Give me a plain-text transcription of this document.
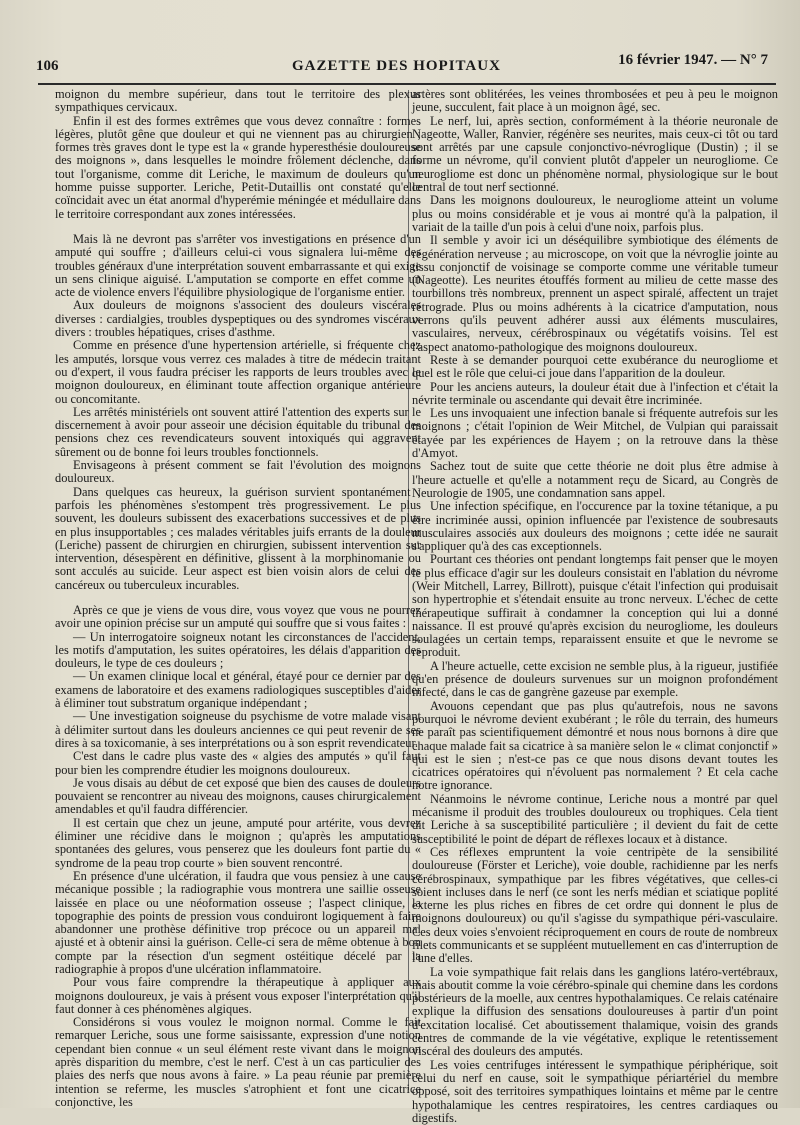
106	GAZETTE DES HOPITAUX	16 février 1947. — N° 7

moignon du membre supérieur, dans tout le territoire des plexus sympathiques cervicaux.

Enfin il est des formes extrêmes que vous devez connaître : formes légères, plutôt gêne que douleur et qui ne viennent pas au chirurgien ; formes très graves dont le type est la « grande hyperesthésie douloureuse des moignons », dans lesquelles le moindre frôlement déclenche, dans tout l'organisme, comme dit Leriche, le maximum de douleurs qu'un homme puisse supporter. Leriche, Petit-Dutaillis ont constaté qu'elle coïncidait avec un état anormal d'hyperémie méningée et médullaire dans le territoire correspondant aux zones intéressées.

Mais là ne devront pas s'arrêter vos investigations en présence d'un amputé qui souffre ; d'ailleurs celui-ci vous signalera lui-même des troubles généraux d'une interprétation souvent embarrassante et qui exige un sens clinique aiguisé. L'amputation se comporte en effet comme un acte de violence envers l'équilibre physiologique de l'organisme entier.

Aux douleurs de moignons s'associent des douleurs viscérales diverses : cardialgies, troubles dyspeptiques ou des syndromes viscéraux divers : troubles hépatiques, crises d'asthme.

Comme en présence d'une hypertension artérielle, si fréquente chez les amputés, lorsque vous verrez ces malades à titre de médecin traitant ou d'expert, il vous faudra préciser les rapports de leurs troubles avec le moignon douloureux, en éliminant toute affection organique antérieure ou concomitante.

Les arrêtés ministériels ont souvent attiré l'attention des experts sur le discernement à avoir pour asseoir une décision équitable du tribunal des pensions chez ces revendicateurs souvent intoxiqués qui aggravent sûrement ou de bonne foi leurs troubles fonctionnels.

Envisageons à présent comment se fait l'évolution des moignons douloureux.

Dans quelques cas heureux, la guérison survient spontanément ; parfois les phénomènes s'estompent très progressivement. Le plus souvent, les douleurs subissent des exacerbations successives et de plus en plus insupportables ; ces malades véritables juifs errants de la douleur (Leriche) passent de chirurgien en chirurgien, subissent intervention sur intervention, désespèrent en définitive, glissent à la morphinomanie ou sont acculés au suicide. Leur aspect est bien voisin alors de celui des cancéreux ou tuberculeux incurables.

Après ce que je viens de vous dire, vous voyez que vous ne pourrez avoir une opinion précise sur un amputé qui souffre que si vous faites :

— Un interrogatoire soigneux notant les circonstances de l'accident, les motifs d'amputation, les suites opératoires, les délais d'apparition des douleurs, le type de ces douleurs ;

— Un examen clinique local et général, étayé pour ce dernier par des examens de laboratoire et des examens radiologiques susceptibles d'aider à éliminer tout substratum organique indépendant ;

— Une investigation soigneuse du psychisme de votre malade visant à délimiter surtout dans les douleurs anciennes ce qui peut revenir de ses dires à sa toxicomanie, à ses interprétations ou à son esprit revendicateur.

C'est dans le cadre plus vaste des « algies des amputés » qu'il faut pour bien les comprendre étudier les moignons douloureux.

Je vous disais au début de cet exposé que bien des causes de douleurs pouvaient se rencontrer au niveau des moignons, causes chirurgicalement amendables et qu'il faudra différencier.

Il est certain que chez un jeune, amputé pour artérite, vous devrez éliminer une récidive dans le moignon ; qu'après les amputations spontanées des gelures, vous penserez que les douleurs font partie du « syndrome de la peau trop courte » bien souvent rencontré.

En présence d'une ulcération, il faudra que vous pensiez à une cause mécanique possible ; la radiographie vous montrera une saillie osseuse laissée en place ou une néoformation osseuse ; l'aspect clinique, la topographie des points de pression vous conduiront logiquement à faire abandonner une prothèse définitive trop précoce ou un appareil mal ajusté et à obtenir ainsi la guérison. Celle-ci sera de même obtenue à bon compte par la résection d'un segment ostéitique décelé par la radiographie à propos d'une ulcération inflammatoire.

Pour vous faire comprendre la thérapeutique à appliquer aux moignons douloureux, je vais à présent vous exposer l'interprétation qu'il faut donner à ces phénomènes algiques.

Considérons si vous voulez le moignon normal. Comme le fait remarquer Leriche, sous une forme saisissante, expression d'une notion cependant bien connue « un seul élément reste vivant dans le moignon après disparition du membre, c'est le nerf. C'est à un cas particulier des plaies des nerfs que nous avons à faire. » La peau réunie par première intention se referme, les muscles s'atrophient et font une cicatrice conjonctive, les

artères sont oblitérées, les veines thrombosées et peu à peu le moignon jeune, succulent, fait place à un moignon âgé, sec.

Le nerf, lui, après section, conformément à la théorie neuronale de Nageotte, Waller, Ranvier, régénère ses neurites, mais ceux-ci tôt ou tard sont arrêtés par une capsule conjonctivo-névroglique (Dustin) ; il se forme un névrome, qu'il convient plutôt d'appeler un neurogliome. Ce neurogliome est donc un phénomène normal, physiologique sur le bout central de tout nerf sectionné.

Dans les moignons douloureux, le neurogliome atteint un volume plus ou moins considérable et je vous ai montré qu'à la palpation, il variait de la taille d'un pois à celui d'une noix, parfois plus.

Il semble y avoir ici un déséquilibre symbiotique des éléments de régénération nerveuse ; au microscope, on voit que la névroglie jointe au tissu conjonctif de voisinage se comporte comme une véritable tumeur (Nageotte). Les neurites étouffés forment au milieu de cette masse des tourbillons très nombreux, prennent un aspect spiralé, affectent un trajet rétrograde. Plus ou moins adhérents à la cicatrice d'amputation, nous verrons qu'ils peuvent adhérer aussi aux éléments musculaires, vasculaires, nerveux, cérébrospinaux ou végétatifs voisins. Tel est l'aspect anatomo-pathologique des moignons douloureux.

Reste à se demander pourquoi cette exubérance du neurogliome et quel est le rôle que celui-ci joue dans l'apparition de la douleur.

Pour les anciens auteurs, la douleur était due à l'infection et c'était la névrite terminale ou ascendante qui devait être incriminée.

Les uns invoquaient une infection banale si fréquente autrefois sur les moignons ; c'était l'opinion de Weir Mitchel, de Vulpian qui paraissait étayée par les expériences de Hayem ; on la retrouve dans la thèse d'Amyot.

Sachez tout de suite que cette théorie ne doit plus être admise à l'heure actuelle et qu'elle a notamment reçu de Sicard, au Congrès de Neurologie de 1905, une condamnation sans appel.

Une infection spécifique, en l'occurence par la toxine tétanique, a pu être incriminée aussi, opinion influencée par l'existence de soubresauts musculaires associés aux douleurs des moignons ; cette idée ne saurait s'appliquer qu'à des cas exceptionnels.

Pourtant ces théories ont pendant longtemps fait penser que le moyen le plus efficace d'agir sur les douleurs consistait en l'ablation du névrome (Weir Mitchell, Larrey, Billrott), puisque c'était l'infection qui produisait son hypertrophie et s'étendait ensuite au tronc nerveux. L'échec de cette thérapeutique suffirait à condamner la conception qui lui a donné naissance. Il est prouvé qu'après excision du neurogliome, les douleurs soulagées un certain temps, reparaissent ensuite et que le nevrome se reproduit.

A l'heure actuelle, cette excision ne semble plus, à la rigueur, justifiée qu'en présence de douleurs survenues sur un moignon profondément infecté, dans le cas de gangrène gazeuse par exemple.

Avouons cependant que pas plus qu'autrefois, nous ne savons pourquoi le névrome devient exubérant ; le rôle du terrain, des humeurs ne paraît pas scientifiquement démontré et nous nous bornons à dire que chaque malade fait sa cicatrice à sa manière selon le « climat conjonctif » qui est le sien ; n'est-ce pas ce que nous disons devant toutes les cicatrices opératoires qui n'évoluent pas normalement ? Et cela cache notre ignorance.

Néanmoins le névrome continue, Leriche nous a montré par quel mécanisme il produit des troubles douloureux ou trophiques. Cela tient dit Leriche à sa susceptibilité particulière ; il devient du fait de cette susceptibilité le point de départ de réflexes locaux et à distance.

Ces réflexes empruntent la voie centripète de la sensibilité douloureuse (Förster et Leriche), voie double, rachidienne par les nerfs cérébrospinaux, sympathique par les fibres végétatives, que celles-ci soient incluses dans le nerf (ce sont les nerfs médian et sciatique poplité externe les plus riches en fibres de cet ordre qui donnent le plus de moignons douloureux) ou qu'il s'agisse du sympathique péri-vasculaire. Ces deux voies s'envoient réciproquement en cours de route de nombreux filets communicants et se suppléent mutuellement en cas d'interruption de l'une d'elles.

La voie sympathique fait relais dans les ganglions latéro-vertébraux, mais aboutit comme la voie cérébro-spinale qui chemine dans les cordons postérieurs de la moelle, aux centres hypothalamiques. Ce relais caténaire explique la diffusion des sensations douloureuses à partir d'un point d'excitation localisé. Cet aboutissement thalamique, voisin des grands centres de commande de la vie végétative, explique le retentissement viscéral des douleurs des amputés.

Les voies centrifuges intéressent le sympathique périphérique, soit celui du nerf en cause, soit le sympathique périartériel du membre opposé, soit des territoires sympathiques lointains et même par le centre hypothalamique les centres respiratoires, les centres cardiaques ou digestifs.
